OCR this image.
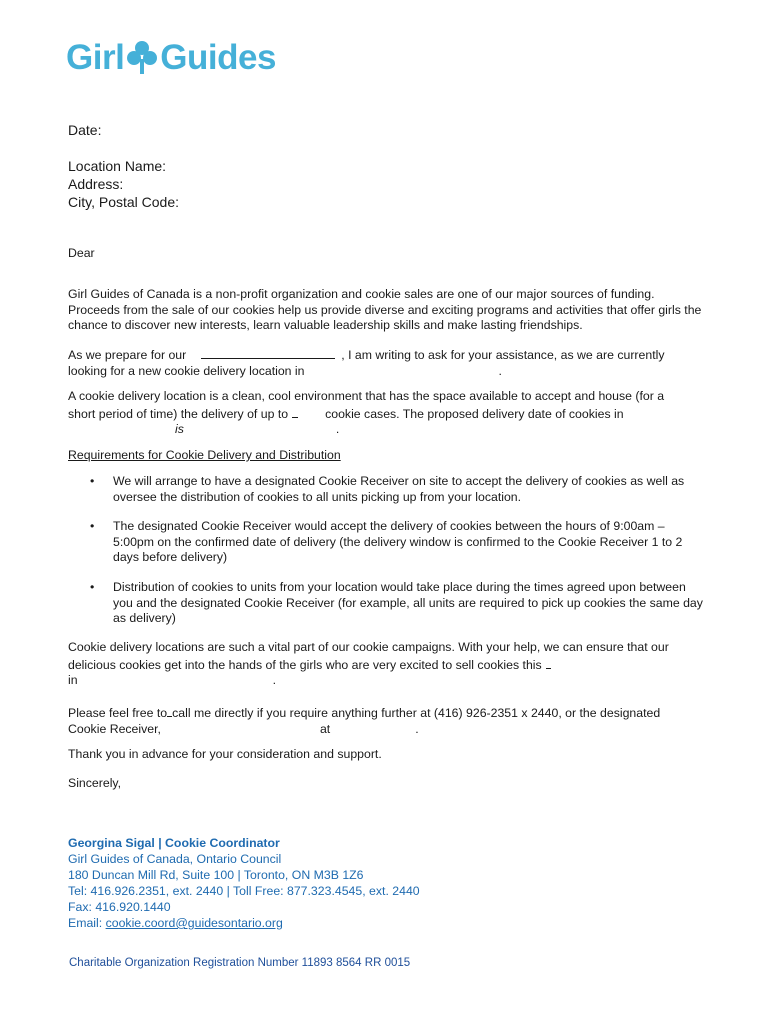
Girl Guides
Date:
Location Name:
Address:
City, Postal Code:
Dear
Girl Guides of Canada is a non-profit organization and cookie sales are one of our major sources of funding. Proceeds from the sale of our cookies help us provide diverse and exciting programs and activities that offer girls the chance to discover new interests, learn valuable leadership skills and make lasting friendships.
As we prepare for our	, I am writing to ask for your assistance, as we are currently
looking for a new cookie delivery location in	.
A cookie delivery location is a clean, cool environment that has the space available to accept and house (for a
short period of time) the delivery of up to	cookie cases. The proposed delivery date of cookies in
is	.
Requirements for Cookie Delivery and Distribution
• We will arrange to have a designated Cookie Receiver on site to accept the delivery of cookies as well as oversee the distribution of cookies to all units picking up from your location.
• The designated Cookie Receiver would accept the delivery of cookies between the hours of 9:00am – 5:00pm on the confirmed date of delivery (the delivery window is confirmed to the Cookie Receiver 1 to 2 days before delivery)
• Distribution of cookies to units from your location would take place during the times agreed upon between you and the designated Cookie Receiver (for example, all units are required to pick up cookies the same day as delivery)
Cookie delivery locations are such a vital part of our cookie campaigns. With your help, we can ensure that our
delicious cookies get into the hands of the girls who are very excited to sell cookies this
in	.
Please feel free to call me directly if you require anything further at (416) 926-2351 x 2440, or the designated
Cookie Receiver,	at	.
Thank you in advance for your consideration and support.
Sincerely,
Georgina Sigal | Cookie Coordinator
Girl Guides of Canada, Ontario Council
180 Duncan Mill Rd, Suite 100 | Toronto, ON M3B 1Z6
Tel: 416.926.2351, ext. 2440 | Toll Free: 877.323.4545, ext. 2440
Fax: 416.920.1440
Email: cookie.coord@guidesontario.org
Charitable Organization Registration Number 11893 8564 RR 0015
